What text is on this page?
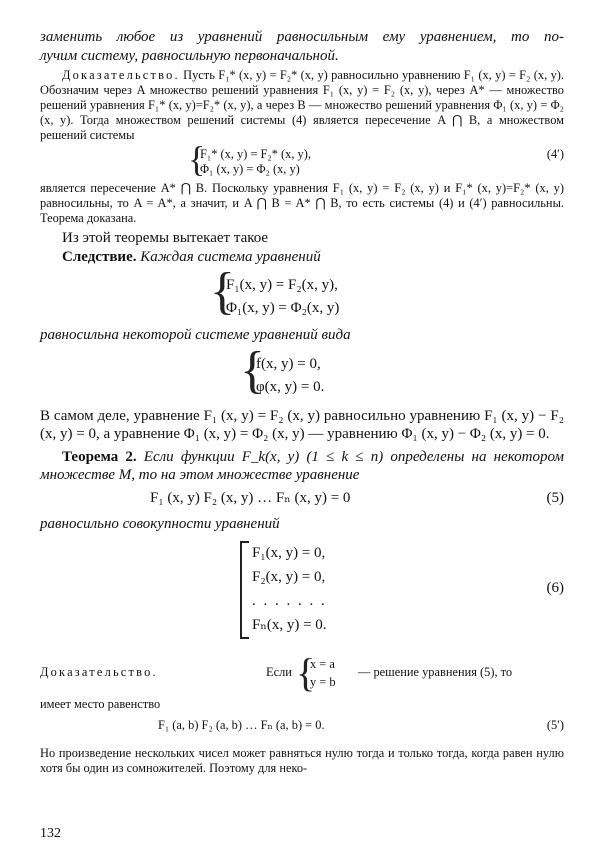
заменить любое из уравнений равносильным ему уравнением, то по-

лучим систему, равносильную первоначальной.

Доказательство. Пусть F₁* (x, y) = F₂* (x, y) равносильно уравнению F₁ (x, y) = F₂ (x, y). Обозначим через A множество решений уравнения F₁ (x, y) = F₂ (x, y), через A* — множество решений уравнения F₁* (x, y)=F₂* (x, y), а через B — множество решений уравнения Φ₁ (x, y) = Φ₂ (x, y). Тогда множеством решений системы (4) является пересечение A ⋂ B, а множеством решений системы

{
F₁* (x, y) = F₂* (x, y),
Φ₁ (x, y) = Φ₂ (x, y)
(4′)

является пересечение A* ⋂ B. Поскольку уравнения F₁ (x, y) = F₂ (x, y) и F₁* (x, y)=F₂* (x, y) равносильны, то A = A*, а значит, и A ⋂ B = A* ⋂ B, то есть системы (4) и (4′) равносильны. Теорема доказана.

Из этой теоремы вытекает такое

Следствие. Каждая система уравнений

{
F₁(x, y) = F₂(x, y),
Φ₁(x, y) = Φ₂(x, y)

равносильна некоторой системе уравнений вида

{
f(x, y) = 0,
φ(x, y) = 0.

В самом деле, уравнение F₁ (x, y) = F₂ (x, y) равносильно уравнению F₁ (x, y) − F₂ (x, y) = 0, а уравнение Φ₁ (x, y) = Φ₂ (x, y) — уравнению Φ₁ (x, y) − Φ₂ (x, y) = 0.

Теорема 2. Если функции F_k(x, y) (1 ≤ k ≤ n) определены на некотором множестве M, то на этом множестве уравнение

F₁ (x, y) F₂ (x, y) … Fₙ (x, y) = 0	(5)

равносильно совокупности уравнений

F₁(x, y) = 0,
F₂(x, y) = 0,
. . . . . . .
Fₙ(x, y) = 0.
(6)
Доказательство.	Если {
x = a
y = b
— решение уравнения (5), то

имеет место равенство

F₁ (a, b) F₂ (a, b) … Fₙ (a, b) = 0.	(5′)

Но произведение нескольких чисел может равняться нулю тогда и только тогда, когда равен нулю хотя бы один из сомножителей. Поэтому для неко-

132
